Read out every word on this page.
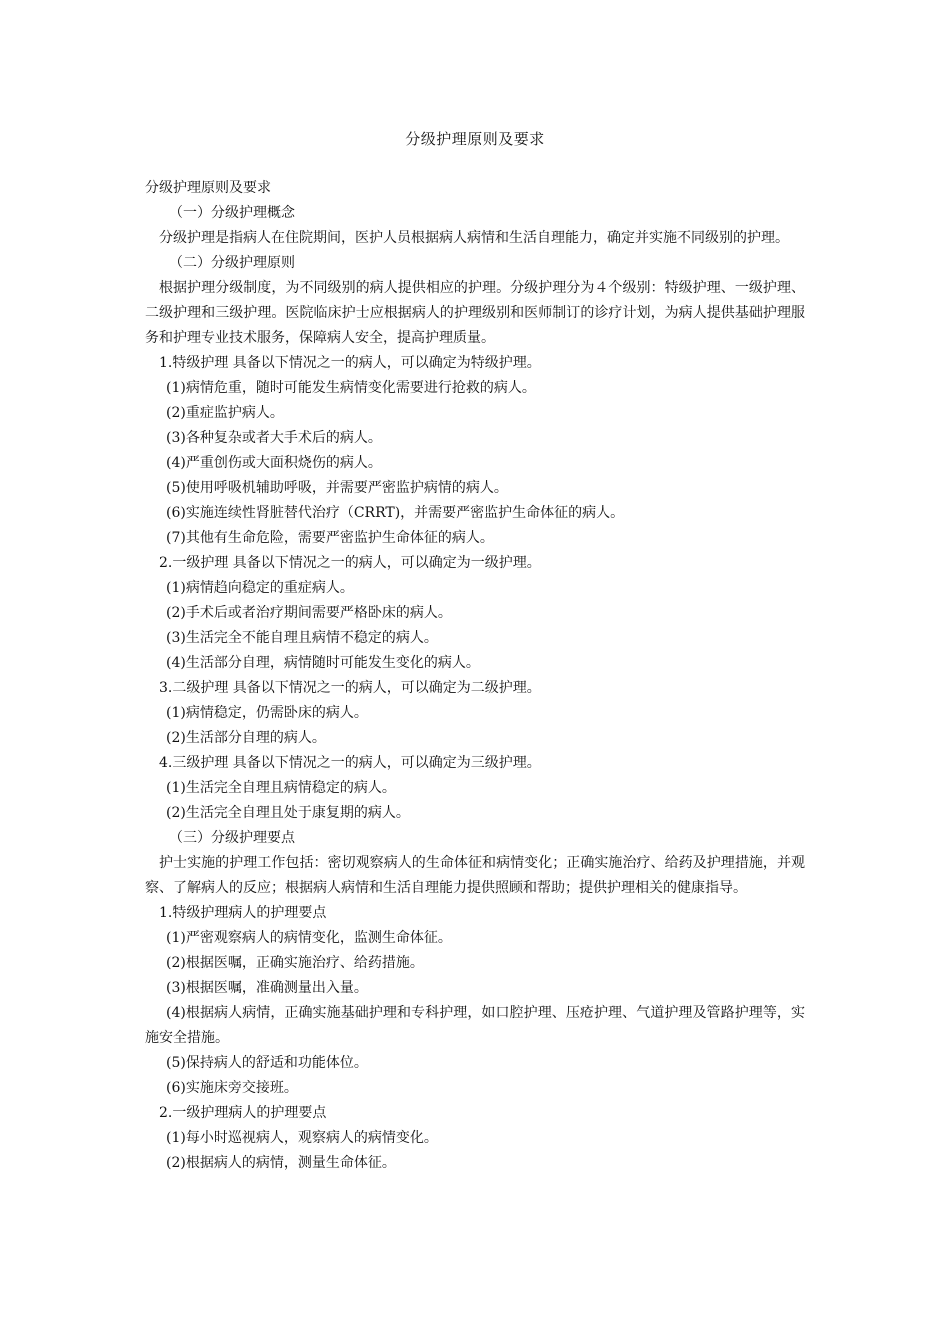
分级护理原则及要求

分级护理原则及要求

（一）分级护理概念

分级护理是指病人在住院期间，医护人员根据病人病情和生活自理能力，确定并实施不同级别的护理。

（二）分级护理原则

根据护理分级制度，为不同级别的病人提供相应的护理。分级护理分为４个级别：特级护理、一级护理、二级护理和三级护理。医院临床护士应根据病人的护理级别和医师制订的诊疗计划，为病人提供基础护理服务和护理专业技术服务，保障病人安全，提高护理质量。

1.特级护理 具备以下情况之一的病人，可以确定为特级护理。

(1)病情危重，随时可能发生病情变化需要进行抢救的病人。

(2)重症监护病人。

(3)各种复杂或者大手术后的病人。

(4)严重创伤或大面积烧伤的病人。

(5)使用呼吸机辅助呼吸，并需要严密监护病情的病人。

(6)实施连续性肾脏替代治疗（CRRT)，并需要严密监护生命体征的病人。

(7)其他有生命危险，需要严密监护生命体征的病人。

2.一级护理 具备以下情况之一的病人，可以确定为一级护理。

(1)病情趋向稳定的重症病人。

(2)手术后或者治疗期间需要严格卧床的病人。

(3)生活完全不能自理且病情不稳定的病人。

(4)生活部分自理，病情随时可能发生变化的病人。

3.二级护理 具备以下情况之一的病人，可以确定为二级护理。

(1)病情稳定，仍需卧床的病人。

(2)生活部分自理的病人。

4.三级护理 具备以下情况之一的病人，可以确定为三级护理。

(1)生活完全自理且病情稳定的病人。

(2)生活完全自理且处于康复期的病人。

（三）分级护理要点

护士实施的护理工作包括：密切观察病人的生命体征和病情变化；正确实施治疗、给药及护理措施，并观察、了解病人的反应；根据病人病情和生活自理能力提供照顾和帮助；提供护理相关的健康指导。

1.特级护理病人的护理要点

(1)严密观察病人的病情变化，监测生命体征。

(2)根据医嘱，正确实施治疗、给药措施。

(3)根据医嘱，准确测量出入量。

(4)根据病人病情，正确实施基础护理和专科护理，如口腔护理、压疮护理、气道护理及管路护理等，实施安全措施。

(5)保持病人的舒适和功能体位。

(6)实施床旁交接班。

2.一级护理病人的护理要点

(1)每小时巡视病人，观察病人的病情变化。

(2)根据病人的病情，测量生命体征。
